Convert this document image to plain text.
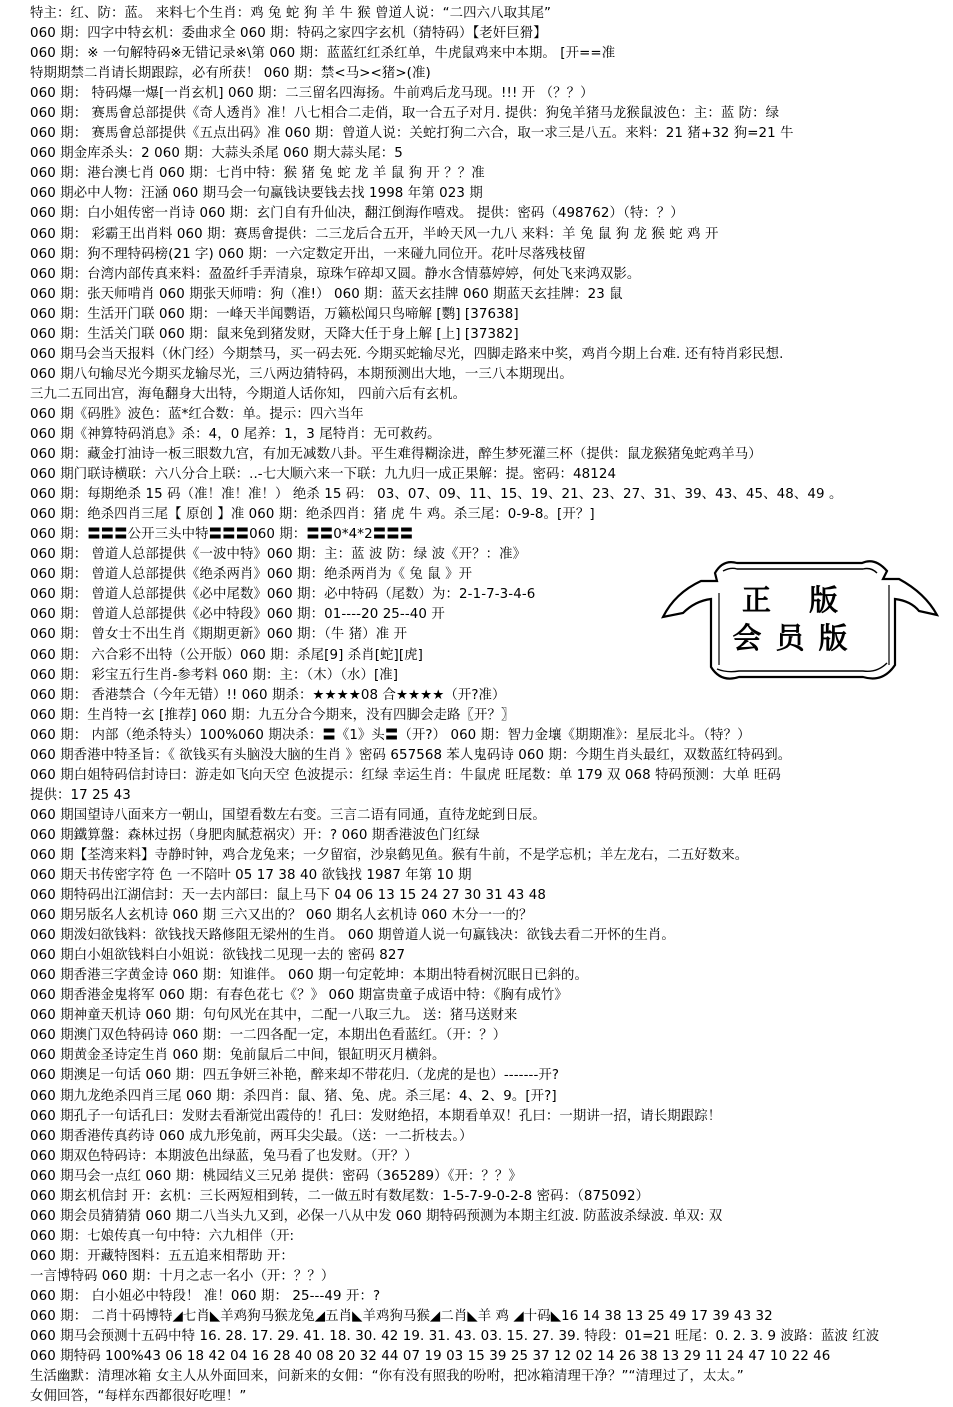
特主：红、防：蓝。 来料七个生肖：鸡 兔 蛇 狗 羊 牛 猴 曾道人说：“二四六八取其尾”
060 期：四字中特玄机：委曲求全 060 期：特码之家四字玄机（猜特码）【老奸巨猾】
060 期：※ 一句解特码※无错记录※\第 060 期：蓝蓝红红杀红单，牛虎鼠鸡来中本期。 [开==准
特期期禁二肖请长期跟踪，必有所获！ 060 期：禁<马><猪>(准)
060 期： 特码爆一爆[一肖玄机] 060 期：二三留名四海扬。牛前鸡后龙马现。!!! 开 （？？）
060 期： 赛馬會总部提供《奇人透肖》准！八七相合二走俏，取一合五子对月. 提供：狗兔羊猪马龙猴鼠波色：主：蓝 防：绿
060 期： 赛馬會总部提供《五点出码》准 060 期：曾道人说：关蛇打狗二六合，取一求三是八五。来料：21 猪+32 狗=21 牛
060 期金库杀头：2 060 期：大蒜头杀尾 060 期大蒜头尾：5
060 期：港台澳七肖 060 期：七肖中特：猴 猪 兔 蛇 龙 羊 鼠 狗 开 ？？准
060 期必中人物：汪涵 060 期马会一句赢钱诀要钱去找 1998 年第 023 期
060 期：白小姐传密一肖诗 060 期：玄门自有升仙决，翻江倒海作嘻戏。 提供：密码（498762）（特：？）
060 期： 彩霸王出肖料 060 期：赛馬會提供：二三龙后合五开，半岭天风一九八 来料：羊 兔 鼠 狗 龙 猴 蛇 鸡 开
060 期：狗不理特码榜(21 字) 060 期：一六定数定开出，一来碰九同位开。花叶尽落残枝留
060 期：台湾内部传真来料：盈盈纤手弄清泉，琼珠乍碎却又圆。静水含情慕婷婷，何处飞来鸿双影。
060 期：张天师啃肖 060 期张天师啃：狗（准!） 060 期：蓝天玄挂牌 060 期蓝天玄挂牌：23 鼠
060 期：生活开门联 060 期：一峰天半闻鹦语，万籁松闻只鸟啼解 [鹦] [37638]
060 期：生活关门联 060 期：鼠来兔到猪发财，天降大任于身上解 [上] [37382]
060 期马会当天报料（休门经）今期禁马，买一码去死. 今期买蛇输尽光，四脚走路来中奖，鸡肖今期上台难. 还有特肖彩民想.
060 期八句输尽光今期买龙输尽光，三八两边猜特码，本期预测出大地，一三八本期现出。
三九二五同出宫，海龟翻身大出特，今期道人话你知， 四前六后有玄机。
060 期《码胜》波色：蓝*红合数：单。提示：四六当年
060 期《神算特码消息》杀：4，0 尾养：1，3 尾特肖：无可救药。
060 期：藏金打油诗一板三眼数九宫，有加无减数八卦。平生难得糊涂进，醉生梦死灌三杯（提供：鼠龙猴猪兔蛇鸡羊马）
060 期门联诗横联：六八分合上联：..-七大顺六来一下联：九九归一成正果解：提。密码：48124
060 期：每期绝杀 15 码（准！准！准！） 绝杀 15 码： 03、07、09、11、15、19、21、23、27、31、39、43、45、48、49 。
060 期：绝杀四肖三尾【 原创 】准 060 期：绝杀四肖：猪 虎 牛 鸡。杀三尾：0-9-8。[开？]
060 期：〓〓〓公开三头中特〓〓〓060 期：〓〓0*4*2〓〓〓
060 期： 曾道人总部提供《一波中特》060 期：主：蓝 波 防：绿 波《开？：准》
060 期： 曾道人总部提供《绝杀两肖》060 期：绝杀两肖为《 兔 鼠 》开
060 期： 曾道人总部提供《必中尾数》060 期：必中特码（尾数）为：2-1-7-3-4-6
060 期： 曾道人总部提供《必中特段》060 期：01----20 25--40 开
060 期： 曾女士不出生肖《期期更新》060 期：（牛 猪）准 开
060 期： 六合彩不出特（公开版）060 期：杀尾[9] 杀肖[蛇][虎]
060 期： 彩宝五行生肖-参考料 060 期：主：（木）（水）[准]
060 期： 香港禁合（今年无错）!! 060 期杀：★★★★08 合★★★★（开?准）
060 期：生肖特一玄 [推荐] 060 期：九五分合今期来，没有四脚会走路〖开？〗
060 期： 内部（绝杀特头）100%060 期决杀：〓《1》头〓（开?） 060 期：智力金壤《期期准》：星辰北斗。（特？）
060 期香港中特圣旨：《 欲钱买有头脑没大脑的生肖 》密码 657568 苯人鬼码诗 060 期：今期生肖头最红，双数蓝红特码到。
060 期白姐特码信封诗曰：游走如飞向天空 色波提示：红绿 幸运生肖：牛鼠虎 旺尾数：单 179 双 068 特码预测：大单 旺码
提供：17 25 43
060 期国望诗八面来方一朝山，国望看数左右变。三言二语有同通，直待龙蛇到日辰。
060 期鐵算盤：森林过拐（身肥肉腻惹祸灾）开：? 060 期香港波色门红绿
060 期【荃湾来料】寺静时钟，鸡合龙兔来；一夕留宿，沙泉鹤见鱼。猴有牛前，不是学忘机；羊左龙右，二五好数来。
060 期天书传密字符 色 一不陪叶 05 17 38 40 欲钱找 1987 年第 10 期
060 期特码出江湖信封：天一去内部曰：鼠上马下 04 06 13 15 24 27 30 31 43 48
060 期另版名人玄机诗 060 期 三六又出的？ 060 期名人玄机诗 060 木分一一的？
060 期泼妇欲钱料：欲钱找天路修阻无梁州的生肖。 060 期曾道人说一句赢钱决：欲钱去看二开怀的生肖。
060 期白小姐欲钱料白小姐说：欲钱找二见现一去的 密码 827
060 期香港三字黄金诗 060 期：知谁伴。 060 期一句定乾坤：本期出特看树沉眠日已斜的。
060 期香港金鬼将军 060 期：有春色花七《？》 060 期富贵童子成语中特：《胸有成竹》
060 期神童天机诗 060 期：句句风光在其中，二配一八取三九。 送：猪马送财来
060 期澳门双色特码诗 060 期：一二四各配一定，本期出色看蓝红。（开：？）
060 期黄金圣诗定生肖 060 期：兔前鼠后二中间，银缸明灭月横斜。
060 期澳足一句话 060 期：四五争妍三补艳，醉来却不带花归.（龙虎的是也）-------开?
060 期九龙绝杀四肖三尾 060 期：杀四肖：鼠、猪、兔、虎。杀三尾：4、2、9。[开?]
060 期孔子一句话孔曰：发财去看渐觉出霞侍的！孔曰：发财绝招，本期看单双！孔曰：一期讲一招，请长期跟踪！
060 期香港传真药诗 060 成九形兔前，两耳尖尖最。（送：一二折枝去。）
060 期双色特码诗：本期波色出绿蓝，兔马看了也发财。（开？）
060 期马会一点红 060 期：桃园结义三兄弟 提供：密码（365289）《开：？？》
060 期玄机信封 开：玄机：三长两短相到转，二一做五时有数尾数：1-5-7-9-0-2-8 密码：（875092）
060 期会员猜猜猜 060 期二八当头九又到，必保一八从中发 060 期特码预测为本期主红波. 防蓝波杀绿波. 单双: 双
060 期：七娘传真一句中特：六九相伴（开:
060 期：开藏特图料：五五追来相帮助 开：
一言博特码 060 期：十月之志一名小（开：？？）
060 期： 白小姐必中特段！ 准！060 期： 25---49 开：?
060 期： 二肖十码博特◢七肖◣羊鸡狗马猴龙兔◢五肖◣羊鸡狗马猴◢二肖◣羊 鸡 ◢十码◣16 14 38 13 25 49 17 39 43 32
060 期马会预测十五码中特 16. 28. 17. 29. 41. 18. 30. 42 19. 31. 43. 03. 15. 27. 39. 特段：01=21 旺尾：0. 2. 3. 9 波路：蓝波 红波
060 期特码 100%43 06 18 42 04 16 28 40 08 20 32 44 07 19 03 15 39 25 37 12 02 14 26 38 13 29 11 24 47 10 22 46
生活幽默：清理冰箱 女主人从外面回来，问新来的女佣：“你有没有照我的吩咐，把冰箱清理干净？”“清理过了，太太。”
女佣回答，“每样东西都很好吃哩！”
正 版
会员版
